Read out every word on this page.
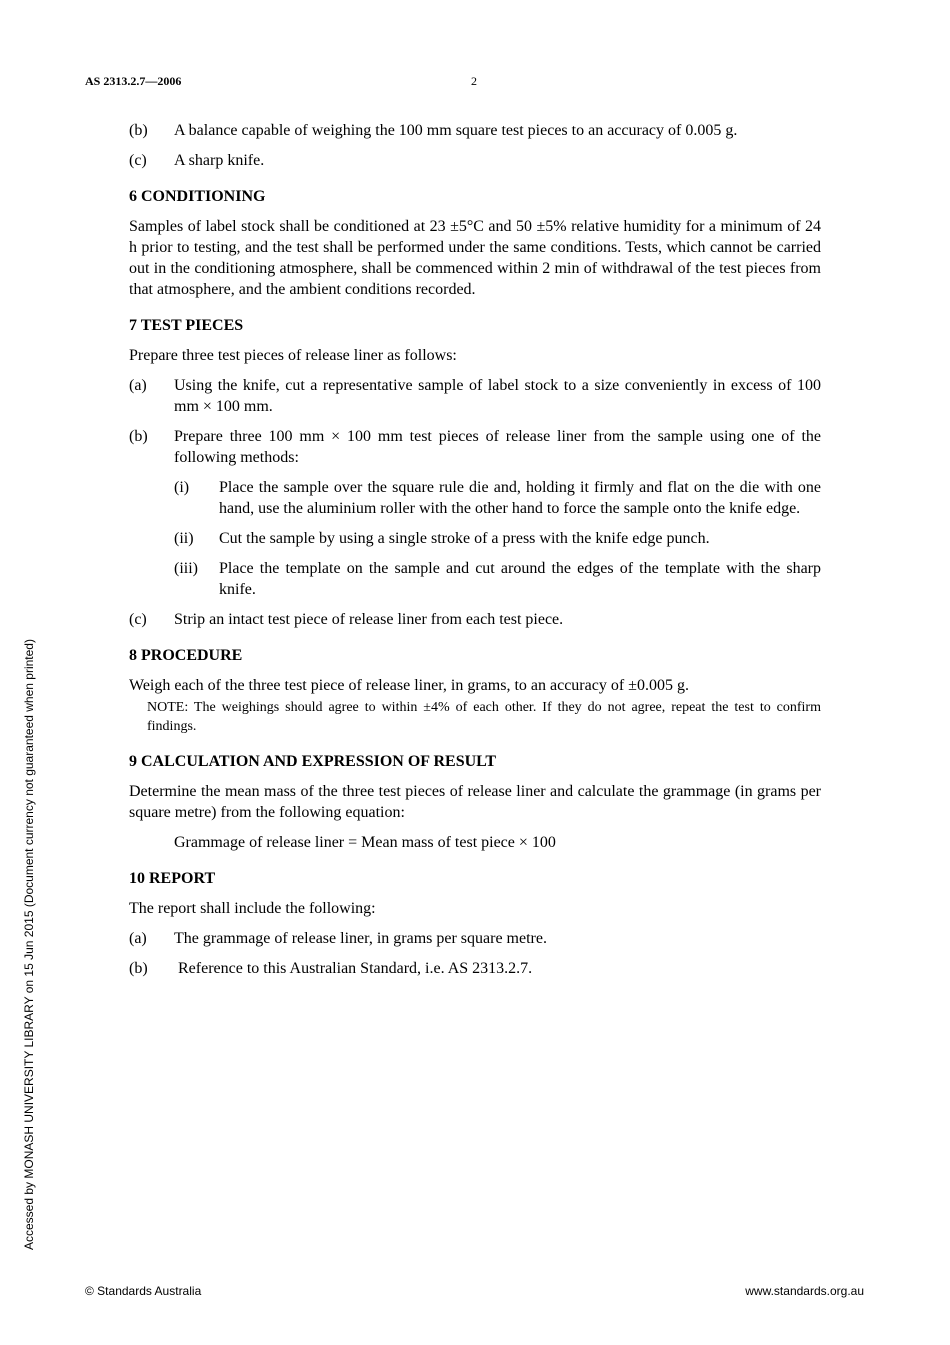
AS 2313.2.7—2006	2
Accessed by MONASH UNIVERSITY LIBRARY on 15 Jun 2015 (Document currency not guaranteed when printed)
(b)	A balance capable of weighing the 100 mm square test pieces to an accuracy of 0.005 g.
(c)	A sharp knife.
6 CONDITIONING
Samples of label stock shall be conditioned at 23 ±5°C and 50 ±5% relative humidity for a minimum of 24 h prior to testing, and the test shall be performed under the same conditions. Tests, which cannot be carried out in the conditioning atmosphere, shall be commenced within 2 min of withdrawal of the test pieces from that atmosphere, and the ambient conditions recorded.
7 TEST PIECES
Prepare three test pieces of release liner as follows:
(a)	Using the knife, cut a representative sample of label stock to a size conveniently in excess of 100 mm × 100 mm.
(b)	Prepare three 100 mm × 100 mm test pieces of release liner from the sample using one of the following methods:
(i)	Place the sample over the square rule die and, holding it firmly and flat on the die with one hand, use the aluminium roller with the other hand to force the sample onto the knife edge.
(ii)	Cut the sample by using a single stroke of a press with the knife edge punch.
(iii)	Place the template on the sample and cut around the edges of the template with the sharp knife.
(c)	Strip an intact test piece of release liner from each test piece.
8 PROCEDURE
Weigh each of the three test piece of release liner, in grams, to an accuracy of ±0.005 g.
NOTE: The weighings should agree to within ±4% of each other. If they do not agree, repeat the test to confirm findings.
9 CALCULATION AND EXPRESSION OF RESULT
Determine the mean mass of the three test pieces of release liner and calculate the grammage (in grams per square metre) from the following equation:
Grammage of release liner = Mean mass of test piece × 100
10 REPORT
The report shall include the following:
(a)	The grammage of release liner, in grams per square metre.
(b)	Reference to this Australian Standard, i.e. AS 2313.2.7.
© Standards Australia	www.standards.org.au
